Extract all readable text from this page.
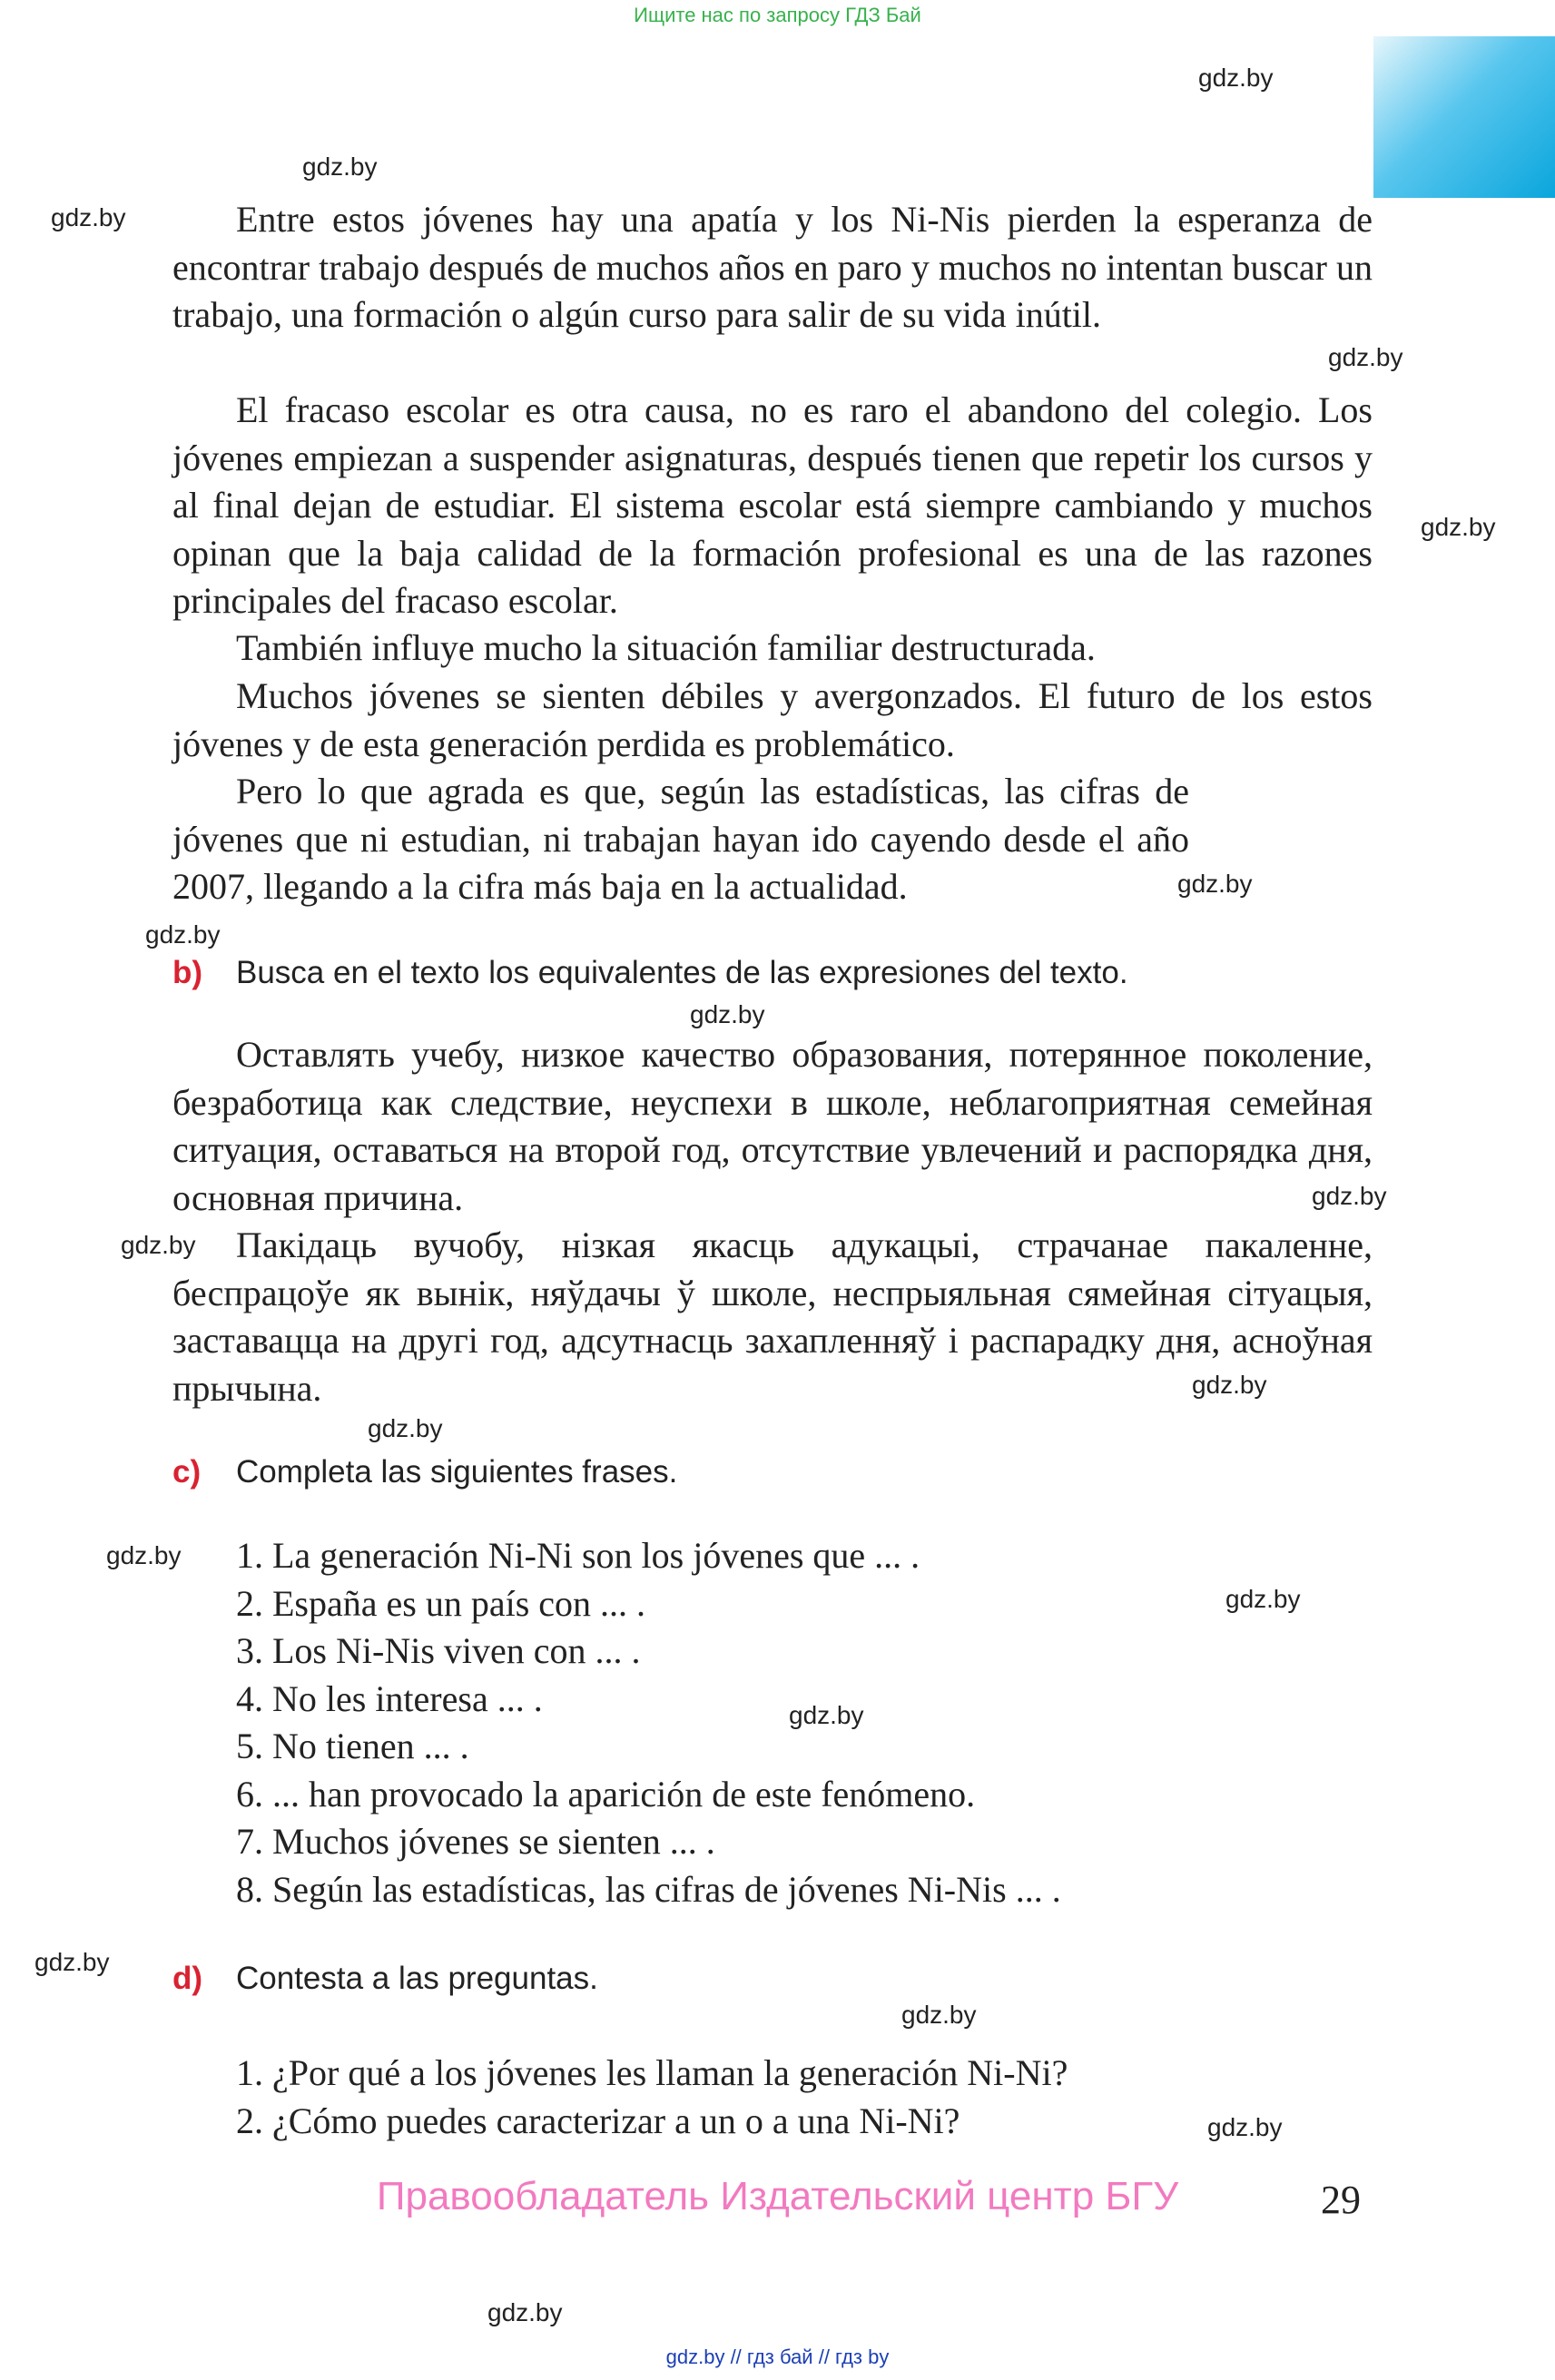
Ищите нас по запросу ГДЗ Бай
gdz.by
gdz.by
gdz.by
gdz.by
gdz.by
gdz.by
gdz.by
gdz.by
gdz.by
gdz.by
gdz.by
gdz.by
gdz.by
gdz.by
gdz.by
gdz.by
gdz.by
gdz.by
gdz.by

Entre estos jóvenes hay una apatía y los Ni-Nis pierden la esperanza de encontrar trabajo después de muchos años en paro y muchos no intentan buscar un trabajo, una formación o algún curso para salir de su vida inútil.

El fracaso escolar es otra causa, no es raro el abandono del colegio. Los jóvenes empiezan a suspender asignaturas, después tienen que repetir los cursos y al final dejan de estudiar. El sistema escolar está siempre cambiando y muchos opinan que la baja calidad de la formación profesional es una de las razones principales del fracaso escolar.

También influye mucho la situación familiar destructurada.

Muchos jóvenes se sienten débiles y avergonzados. El futuro de los estos jóvenes y de esta generación perdida es problemático.

Pero lo que agrada es que, según las estadísticas, las cifras de jóvenes que ni estudian, ni trabajan hayan ido cayendo desde el año 2007, llegando a la cifra más baja en la actualidad.

b) Busca en el texto los equivalentes de las expresiones del texto.

Оставлять учебу, низкое качество образования, потерянное поколение, безработица как следствие, неуспехи в школе, неблагоприятная семейная ситуация, оставаться на второй год, отсутствие увлечений и распорядка дня, основная причина.

Пакідаць вучобу, нізкая якасць адукацыі, страчанае пакаленне, беспрацоўе як вынік, няўдачы ў школе, неспрыяльная сямейная сітуацыя, заставацца на другі год, адсутнасць захапленняў і распарадку дня, асноўная прычына.

c) Completa las siguientes frases.
1. La generación Ni-Ni son los jóvenes que ... .
2. España es un país con ... .
3. Los Ni-Nis viven con ... .
4. No les interesa ... .
5. No tienen ... .
6. ... han provocado la aparición de este fenómeno.
7. Muchos jóvenes se sienten ... .
8. Según las estadísticas, las cifras de jóvenes Ni-Nis ... .
d) Contesta a las preguntas.
1. ¿Por qué a los jóvenes les llaman la generación Ni-Ni?
2. ¿Cómo puedes caracterizar a un o a una Ni-Ni?
Правообладатель Издательский центр БГУ	29
gdz.by // гдз бай // гдз by
